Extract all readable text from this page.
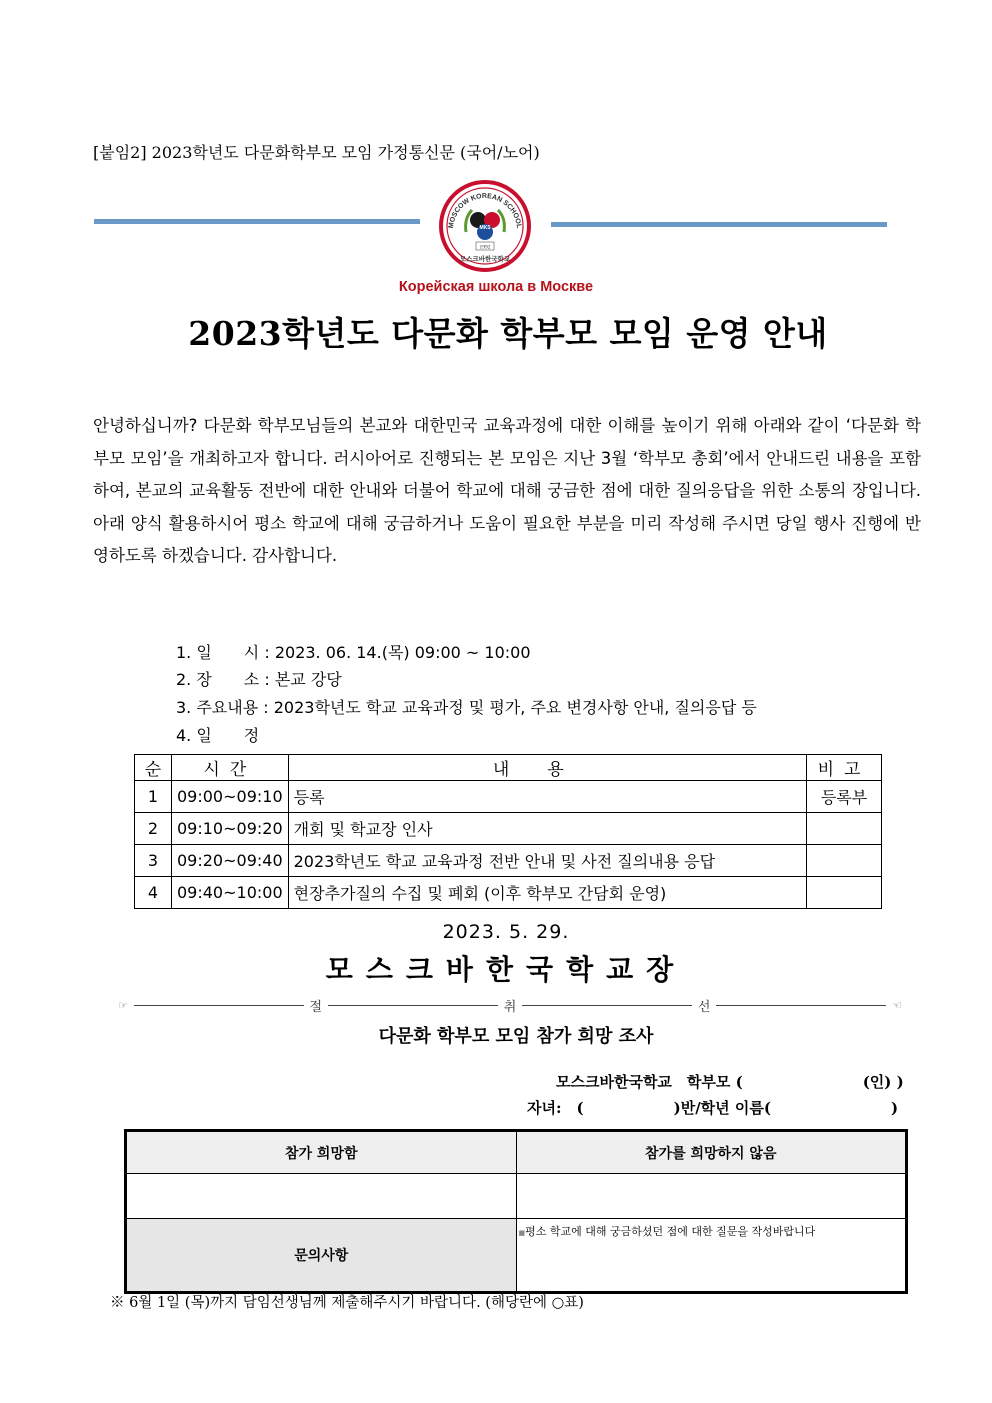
[붙임2] 2023학년도 다문화학부모 모임 가정통신문 (국어/노어)
MOSCOW KOREAN SCHOOL
MKS
1992
모스크바한국학교
Корейская школа в Москве
2023학년도 다문화 학부모 모임 운영 안내
안녕하십니까? 다문화 학부모님들의 본교와 대한민국 교육과정에 대한 이해를 높이기 위해 아래와 같이 ‘다문화 학부모 모임’을 개최하고자 합니다. 러시아어로 진행되는 본 모임은 지난 3월 ‘학부모 총회’에서 안내드린 내용을 포함하여, 본교의 교육활동 전반에 대한 안내와 더불어 학교에 대해 궁금한 점에 대한 질의응답을 위한 소통의 장입니다. 아래 양식 활용하시어 평소 학교에 대해 궁금하거나 도움이 필요한 부분을 미리 작성해 주시면 당일 행사 진행에 반영하도록 하겠습니다. 감사합니다.
1. 일　　시 : 2023. 06. 14.(목) 09:00 ~ 10:00
2. 장　　소 : 본교 강당
3. 주요내용 : 2023학년도 학교 교육과정 및 평가, 주요 변경사항 안내, 질의응답 등
4. 일　　정
순	시간	내용	비고
1	09:00~09:10	등록	등록부
2	09:10~09:20	개회 및 학교장 인사	
3	09:20~09:40	2023학년도 학교 교육과정 전반 안내 및 사전 질의내용 응답	
4	09:40~10:00	현장추가질의 수집 및 폐회 (이후 학부모 간담회 운영)	
2023. 5. 29.
모스크바한국학교장
☞	절	취	선	☜
다문화 학부모 모임 참가 희망 조사
모스크바한국학교　학부모 (　　　　　　　　(인) )
자녀:　(　　　　　　)반/학년 이름(　　　　　　　　)
참가 희망함	참가를 희망하지 않음

문의사항	■평소 학교에 대해 궁금하셨던 점에 대한 질문을 작성바랍니다
※ 6월 1일 (목)까지 담임선생님께 제출해주시기 바랍니다. (해당란에 ○표)
